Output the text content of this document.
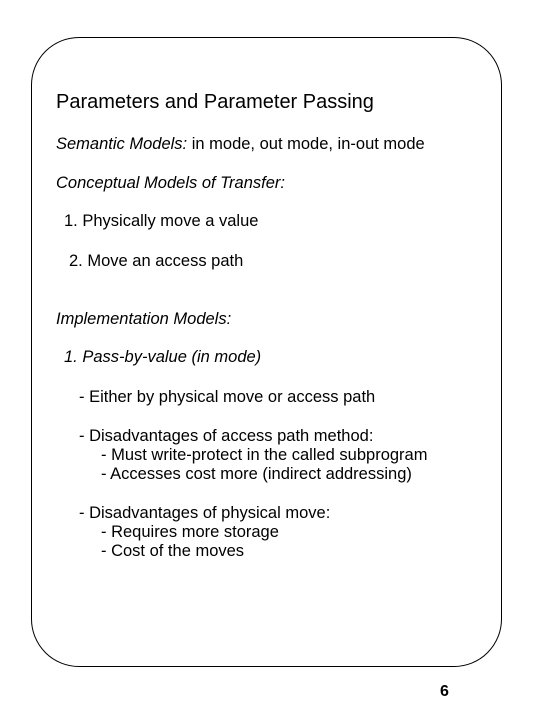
Parameters and Parameter Passing
Semantic Models: in mode, out mode, in-out mode
Conceptual Models of Transfer:
1. Physically move a value
2. Move an access path
Implementation Models:
1. Pass-by-value (in mode)
- Either by physical move or access path
- Disadvantages of access path method:
- Must write-protect in the called subprogram
- Accesses cost more (indirect addressing)
- Disadvantages of physical move:
- Requires more storage
- Cost of the moves
6
